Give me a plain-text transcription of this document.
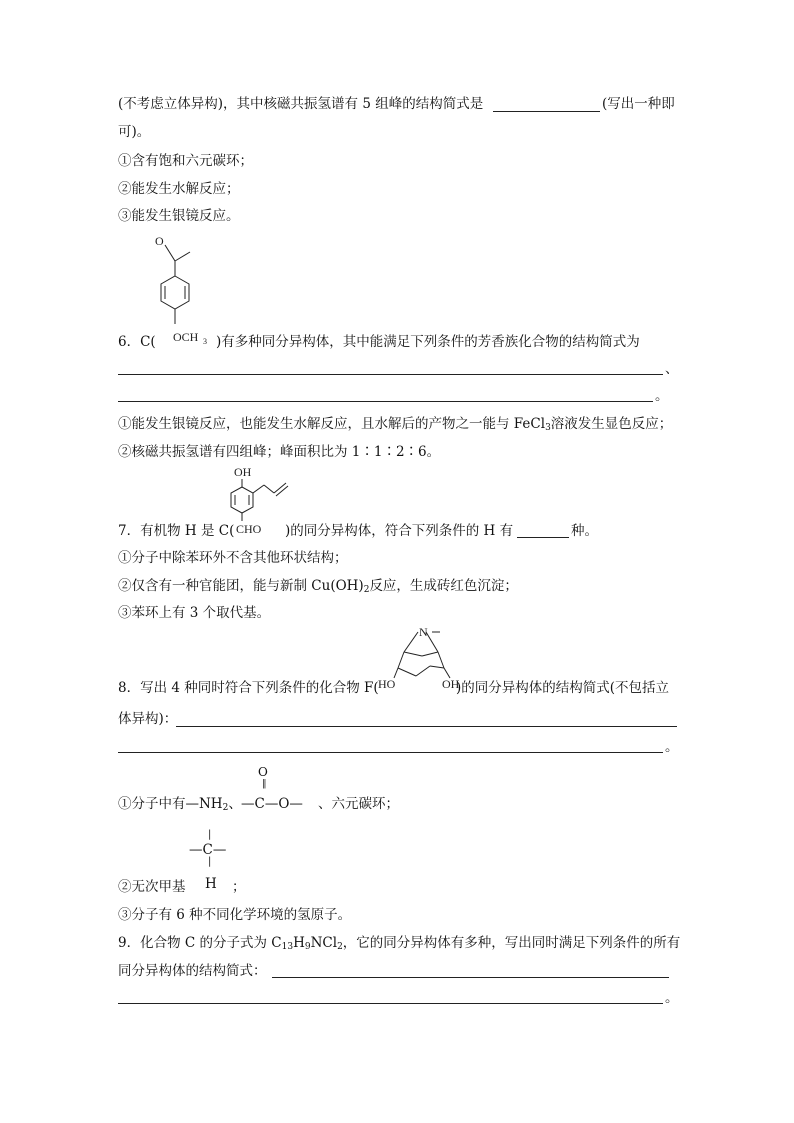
(不考虑立体异构)，其中核磁共振氢谱有 5 组峰的结构简式是	(写出一种即
可)。
①含有饱和六元碳环；
②能发生水解反应；
③能发生银镜反应。
O
OCH 3
6．C(	)有多种同分异构体，其中能满足下列条件的芳香族化合物的结构简式为
、
。
①能发生银镜反应，也能发生水解反应，且水解后的产物之一能与 FeCl$_3$溶液发生显色反应；
②核磁共振氢谱有四组峰；峰面积比为 1∶1∶2∶6。
OH
CHO
7．有机物 H 是 C(	)的同分异构体，符合下列条件的 H 有	种。
①分子中除苯环外不含其他环状结构；
②仅含有一种官能团，能与新制 $Cu(OH)_2$反应，生成砖红色沉淀；
③苯环上有 3 个取代基。
N
HO	OH
8．写出 4 种同时符合下列条件的化合物 F(	)的同分异构体的结构简式(不包括立
体异构)：
。
①分子中有$—NH_2$、
O
‖
—C—O— 、六元碳环；
—C—
|
|
②无次甲基 H ；
③分子有 6 种不同化学环境的氢原子。
9．化合物 C 的分子式为 $C_{13}H_9NCl_2$，它的同分异构体有多种，写出同时满足下列条件的所有
同分异构体的结构简式：
。
